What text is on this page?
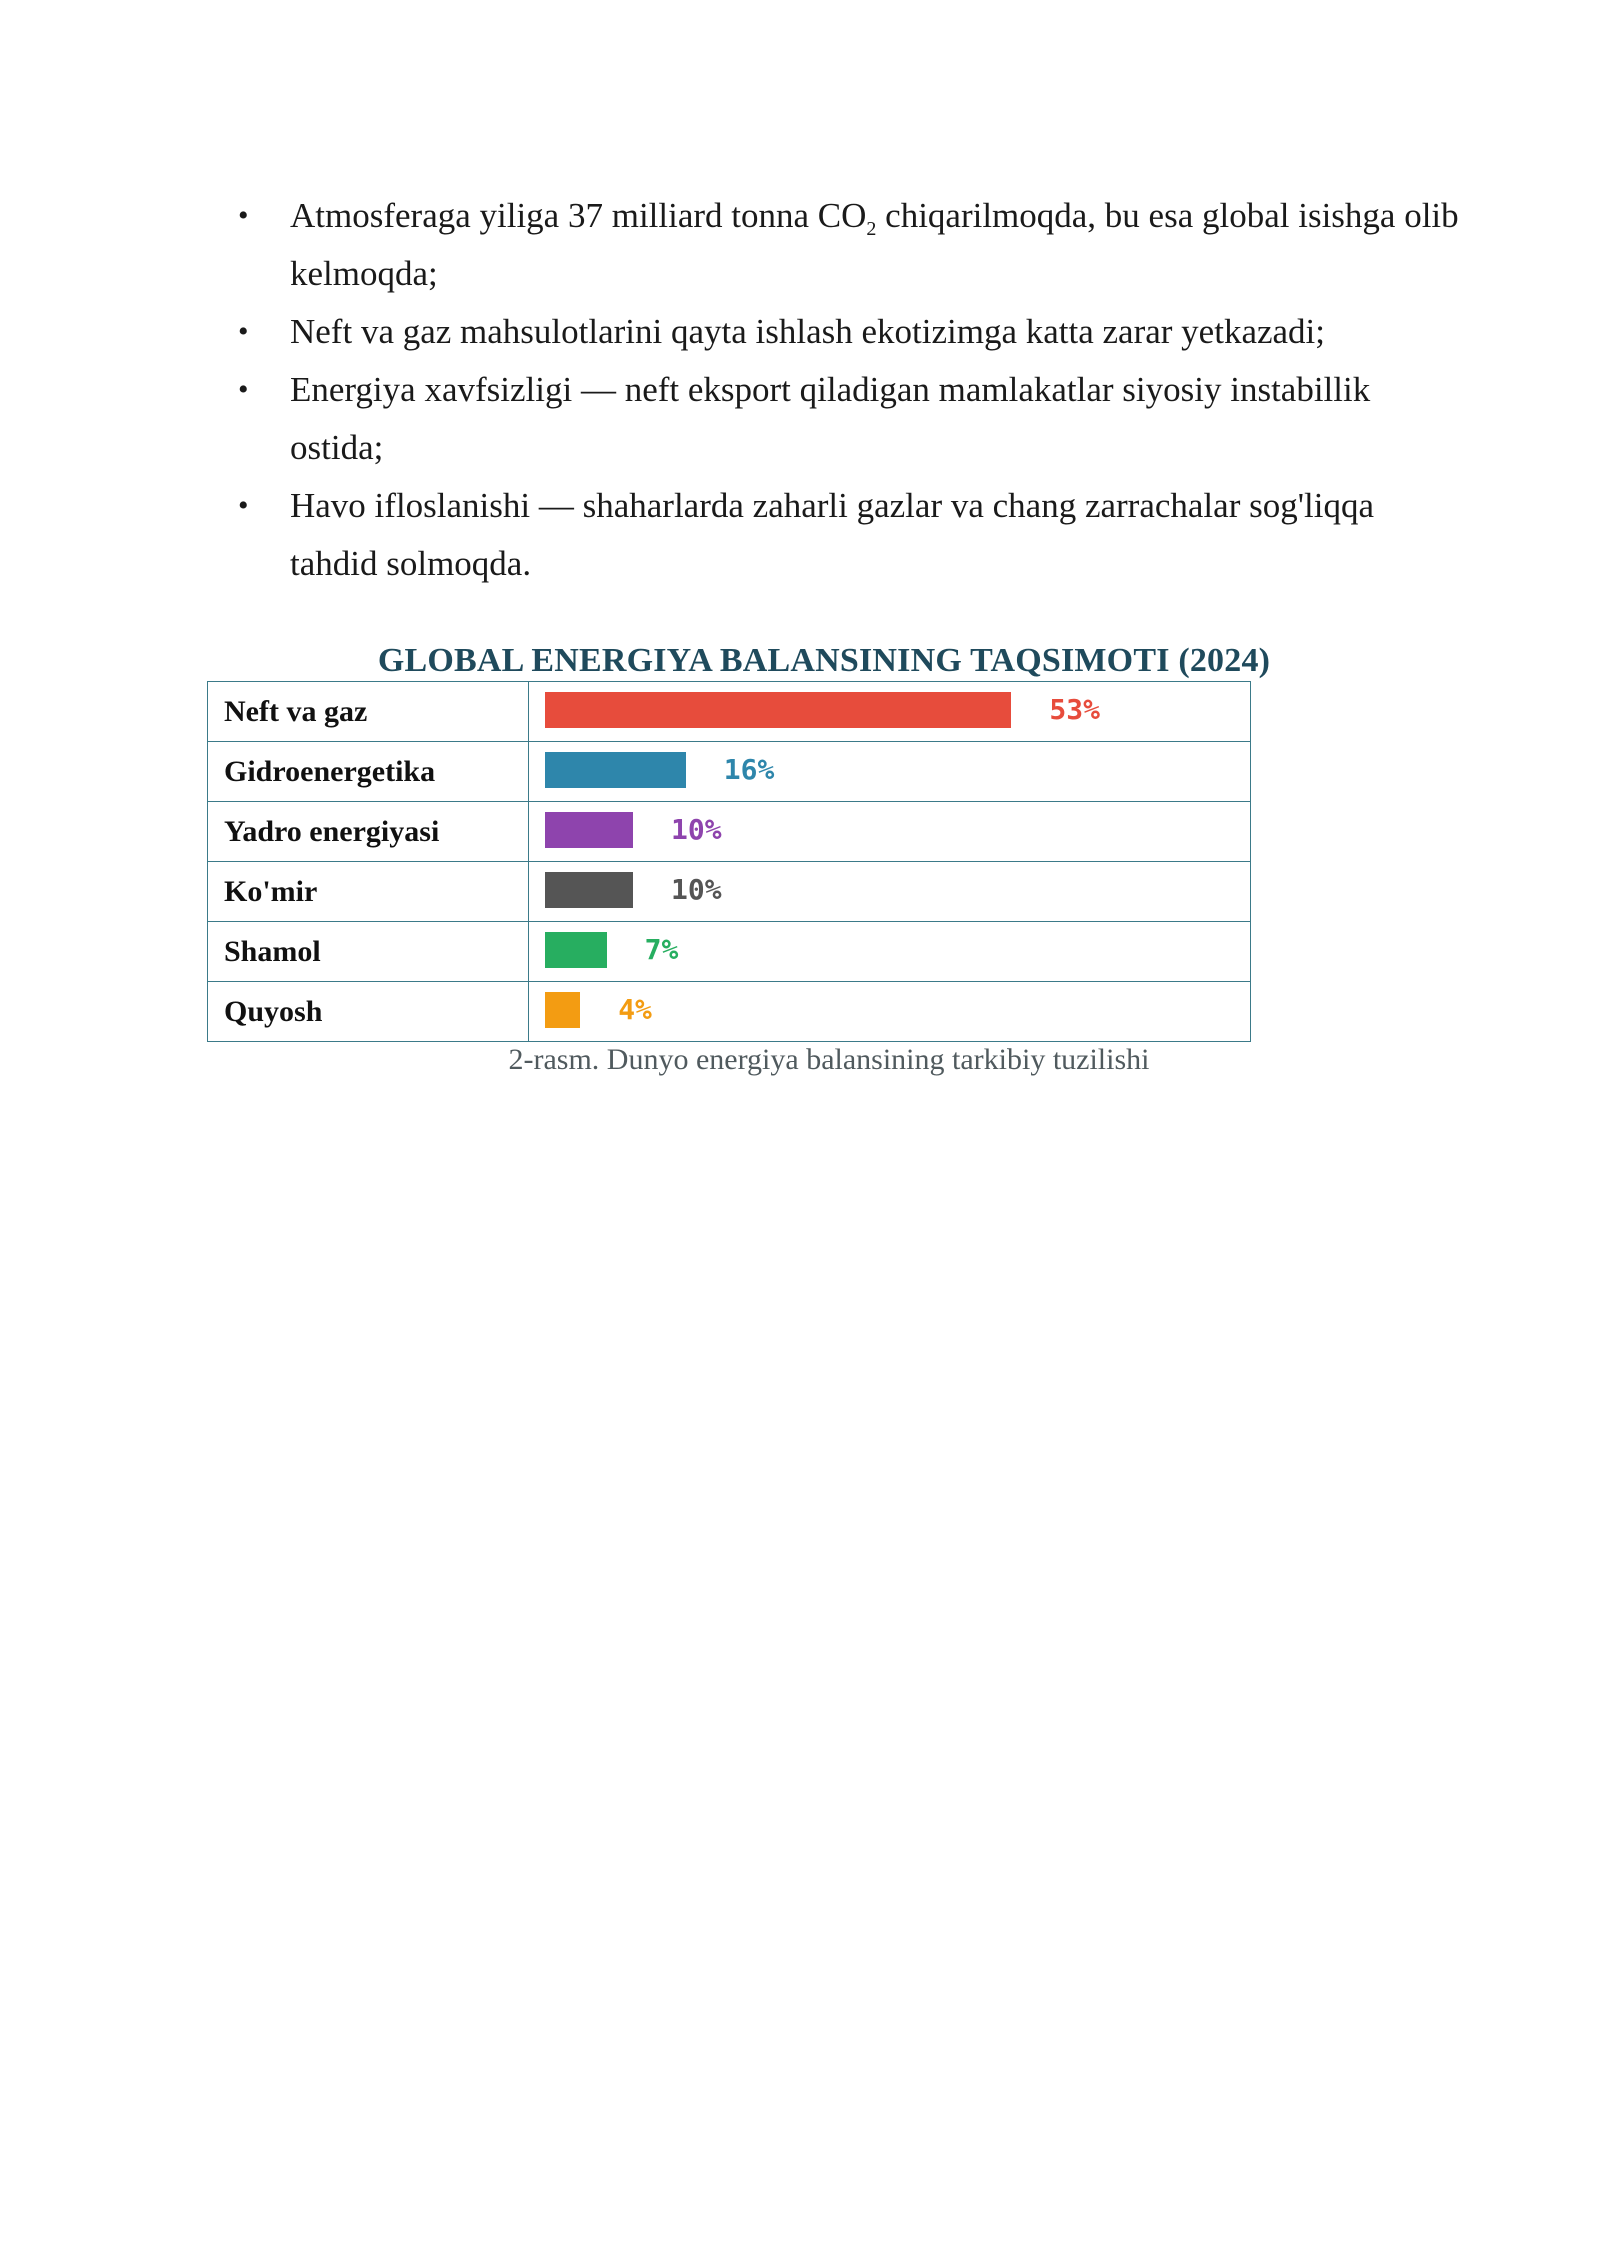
• Atmosferaga yiliga 37 milliard tonna $CO_2$ chiqarilmoqda, bu esa global isishga olib kelmoqda;
• Neft va gaz mahsulotlarini qayta ishlash ekotizimga katta zarar yetkazadi;
• Energiya xavfsizligi — neft eksport qiladigan mamlakatlar siyosiy instabillik ostida;
• Havo ifloslanishi — shaharlarda zaharli gazlar va chang zarrachalar sog'liqqa tahdid solmoqda.
GLOBAL ENERGIYA BALANSINING TAQSIMOTI (2024)
Neft va gaz	53%

Gidroenergetika	16%

Yadro energiyasi	10%

Ko'mir	10%

Shamol	7%

Quyosh	4%
2-rasm. Dunyo energiya balansining tarkibiy tuzilishi
